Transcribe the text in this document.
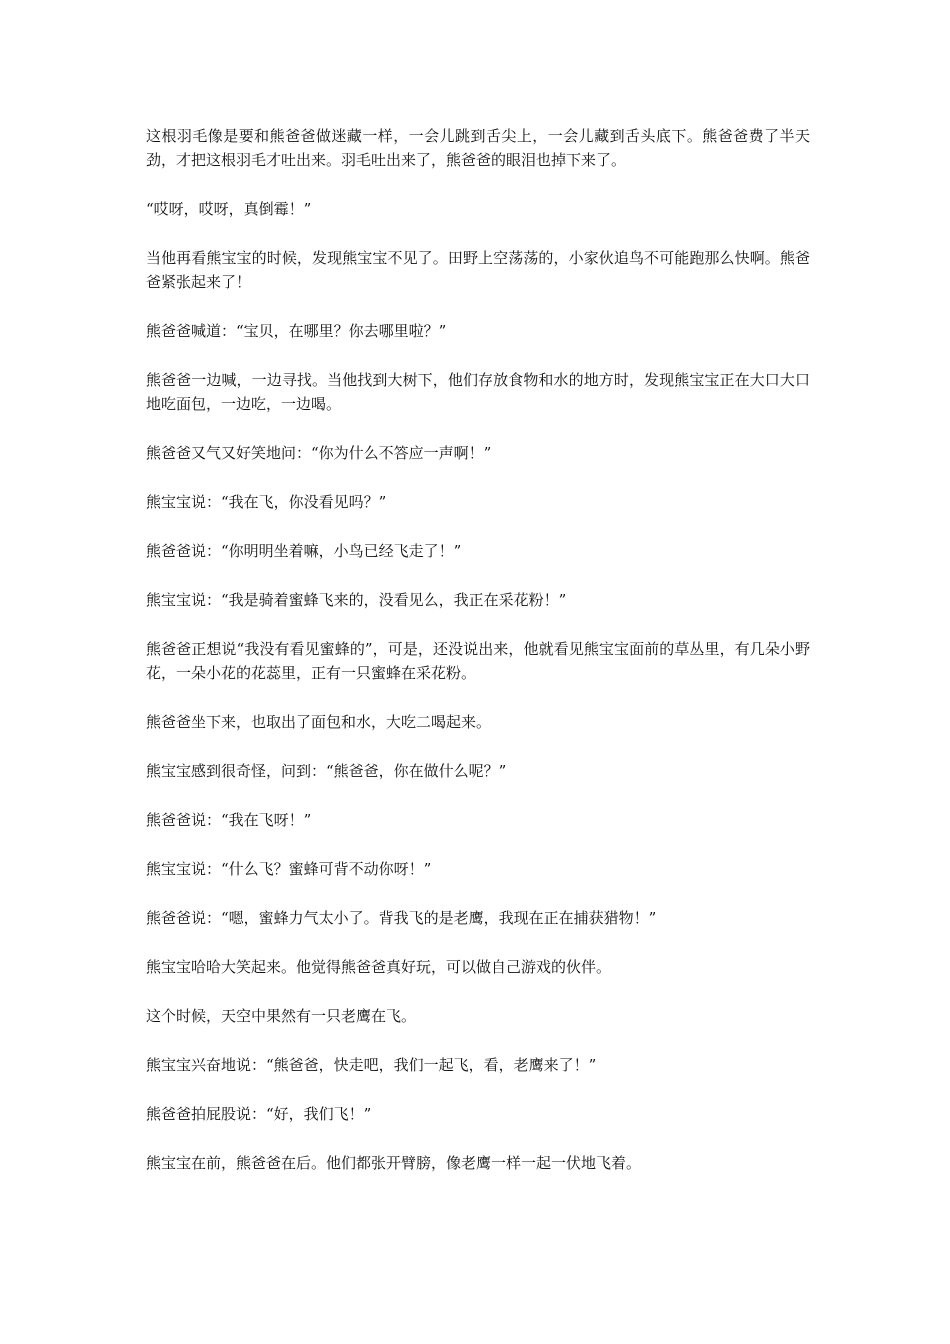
这根羽毛像是要和熊爸爸做迷藏一样，一会儿跳到舌尖上，一会儿藏到舌头底下。熊爸爸费了半天劲，才把这根羽毛才吐出来。羽毛吐出来了，熊爸爸的眼泪也掉下来了。

“哎呀，哎呀，真倒霉！”

当他再看熊宝宝的时候，发现熊宝宝不见了。田野上空荡荡的，小家伙追鸟不可能跑那么快啊。熊爸爸紧张起来了！

熊爸爸喊道：“宝贝，在哪里？你去哪里啦？”

熊爸爸一边喊，一边寻找。当他找到大树下，他们存放食物和水的地方时，发现熊宝宝正在大口大口地吃面包，一边吃，一边喝。

熊爸爸又气又好笑地问：“你为什么不答应一声啊！”

熊宝宝说：“我在飞，你没看见吗？”

熊爸爸说：“你明明坐着嘛，小鸟已经飞走了！”

熊宝宝说：“我是骑着蜜蜂飞来的，没看见么，我正在采花粉！”

熊爸爸正想说“我没有看见蜜蜂的”，可是，还没说出来，他就看见熊宝宝面前的草丛里，有几朵小野花，一朵小花的花蕊里，正有一只蜜蜂在采花粉。

熊爸爸坐下来，也取出了面包和水，大吃二喝起来。

熊宝宝感到很奇怪，问到：“熊爸爸，你在做什么呢？”

熊爸爸说：“我在飞呀！”

熊宝宝说：“什么飞？蜜蜂可背不动你呀！”

熊爸爸说：“嗯，蜜蜂力气太小了。背我飞的是老鹰，我现在正在捕获猎物！”

熊宝宝哈哈大笑起来。他觉得熊爸爸真好玩，可以做自己游戏的伙伴。

这个时候，天空中果然有一只老鹰在飞。

熊宝宝兴奋地说：“熊爸爸，快走吧，我们一起飞，看，老鹰来了！”

熊爸爸拍屁股说：“好，我们飞！”

熊宝宝在前，熊爸爸在后。他们都张开臂膀，像老鹰一样一起一伏地飞着。
